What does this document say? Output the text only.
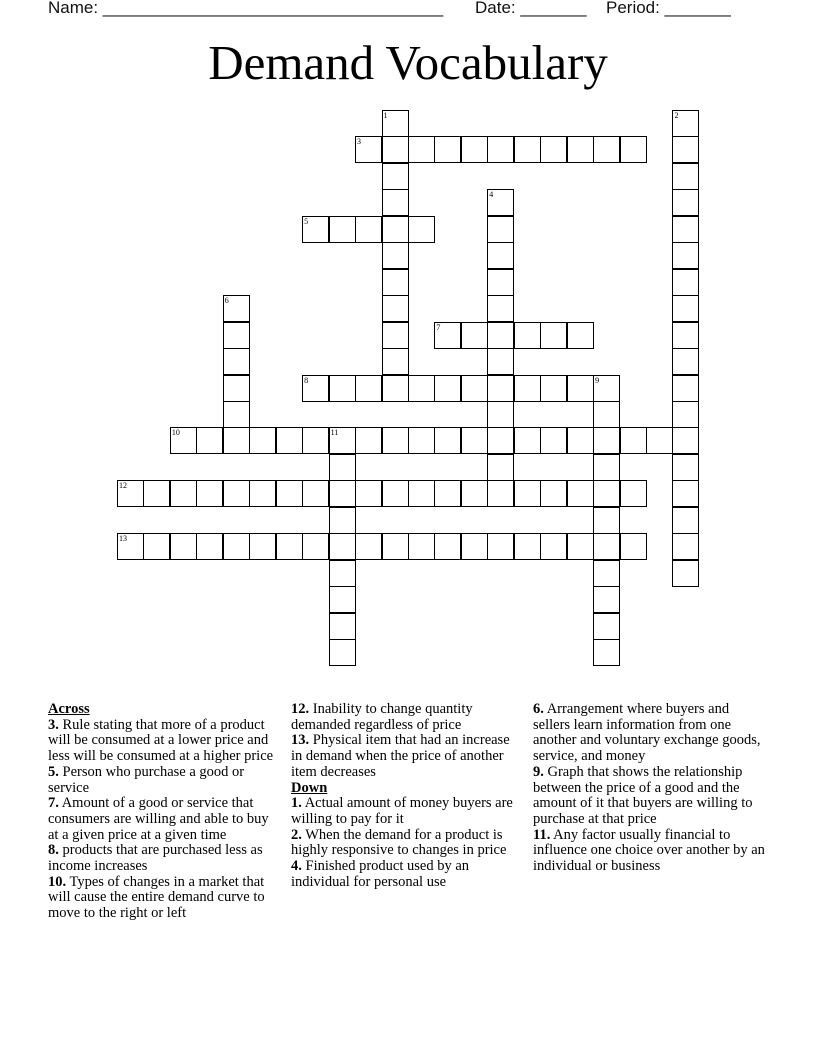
Name: ____________________________________ Date: _______ Period: _______
Demand Vocabulary
1	2
3
4
5
6
7
8	9
10	11
12
13
Across
3. Rule stating that more of a product will be consumed at a lower price and less will be consumed at a higher price
5. Person who purchase a good or service
7. Amount of a good or service that consumers are willing and able to buy at a given price at a given time
8. products that are purchased less as income increases
10. Types of changes in a market that will cause the entire demand curve to move to the right or left
12. Inability to change quantity demanded regardless of price
13. Physical item that had an increase in demand when the price of another item decreases
Down
1. Actual amount of money buyers are willing to pay for it
2. When the demand for a product is highly responsive to changes in price
4. Finished product used by an individual for personal use
6. Arrangement where buyers and sellers learn information from one another and voluntary exchange goods, service, and money
9. Graph that shows the relationship between the price of a good and the amount of it that buyers are willing to purchase at that price
11. Any factor usually financial to influence one choice over another by an individual or business
